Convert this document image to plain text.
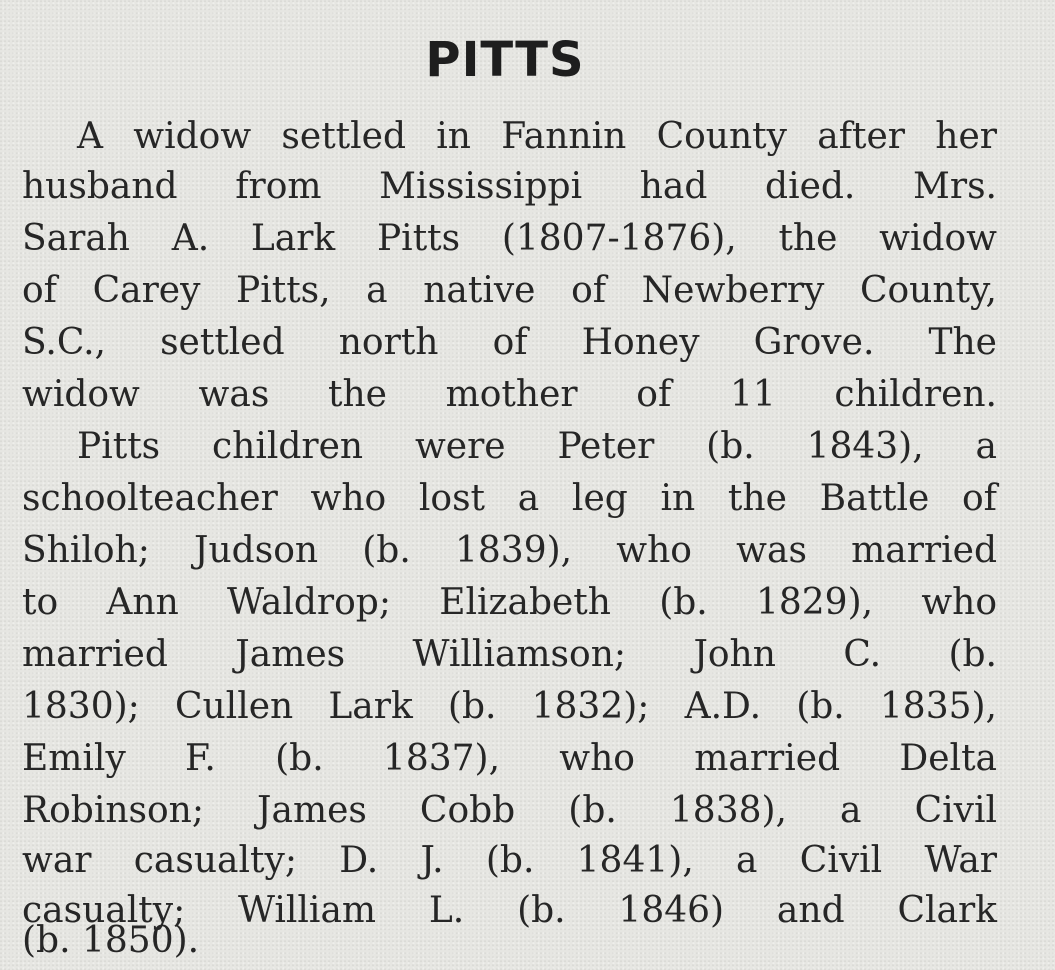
PITTS
A widow settled in Fannin County after her
husband from Mississippi had died. Mrs.
Sarah A. Lark Pitts (1807-1876), the widow
of Carey Pitts, a native of Newberry County,
S.C., settled north of Honey Grove. The
widow was the mother of 11 children.
Pitts children were Peter (b. 1843), a
schoolteacher who lost a leg in the Battle of
Shiloh; Judson (b. 1839), who was married
to Ann Waldrop; Elizabeth (b. 1829), who
married James Williamson; John C. (b.
1830); Cullen Lark (b. 1832); A.D. (b. 1835),
Emily F. (b. 1837), who married Delta
Robinson; James Cobb (b. 1838), a Civil
war casualty; D. J. (b. 1841), a Civil War
casualty; William L. (b. 1846) and Clark
(b. 1850).
